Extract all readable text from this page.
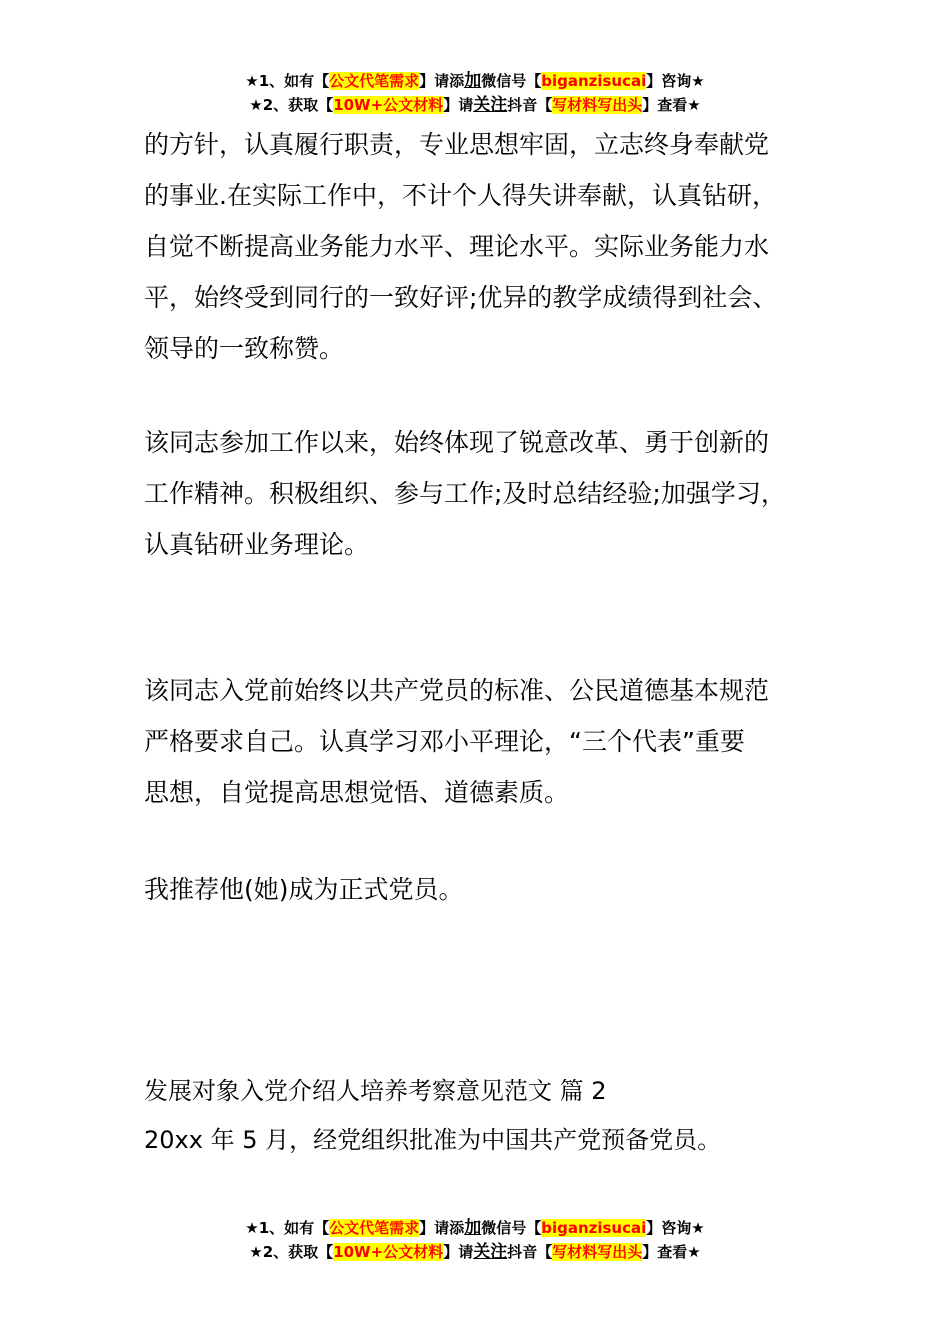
★1、如有【公文代笔需求】请添加微信号【biganzisucai】咨询★
★2、获取【10W+公文材料】请关注抖音【写材料写出头】查看★
的方针，认真履行职责，专业思想牢固，立志终身奉献党
的事业.在实际工作中，不计个人得失讲奉献，认真钻研，
自觉不断提高业务能力水平、理论水平。实际业务能力水
平，始终受到同行的一致好评;优异的教学成绩得到社会、
领导的一致称赞。
该同志参加工作以来，始终体现了锐意改革、勇于创新的
工作精神。积极组织、参与工作;及时总结经验;加强学习，
认真钻研业务理论。
该同志入党前始终以共产党员的标准、公民道德基本规范
严格要求自己。认真学习邓小平理论，“三个代表”重要
思想，自觉提高思想觉悟、道德素质。
我推荐他(她)成为正式党员。
发展对象入党介绍人培养考察意见范文 篇 2
20xx 年 5 月，经党组织批准为中国共产党预备党员。
★1、如有【公文代笔需求】请添加微信号【biganzisucai】咨询★
★2、获取【10W+公文材料】请关注抖音【写材料写出头】查看★
